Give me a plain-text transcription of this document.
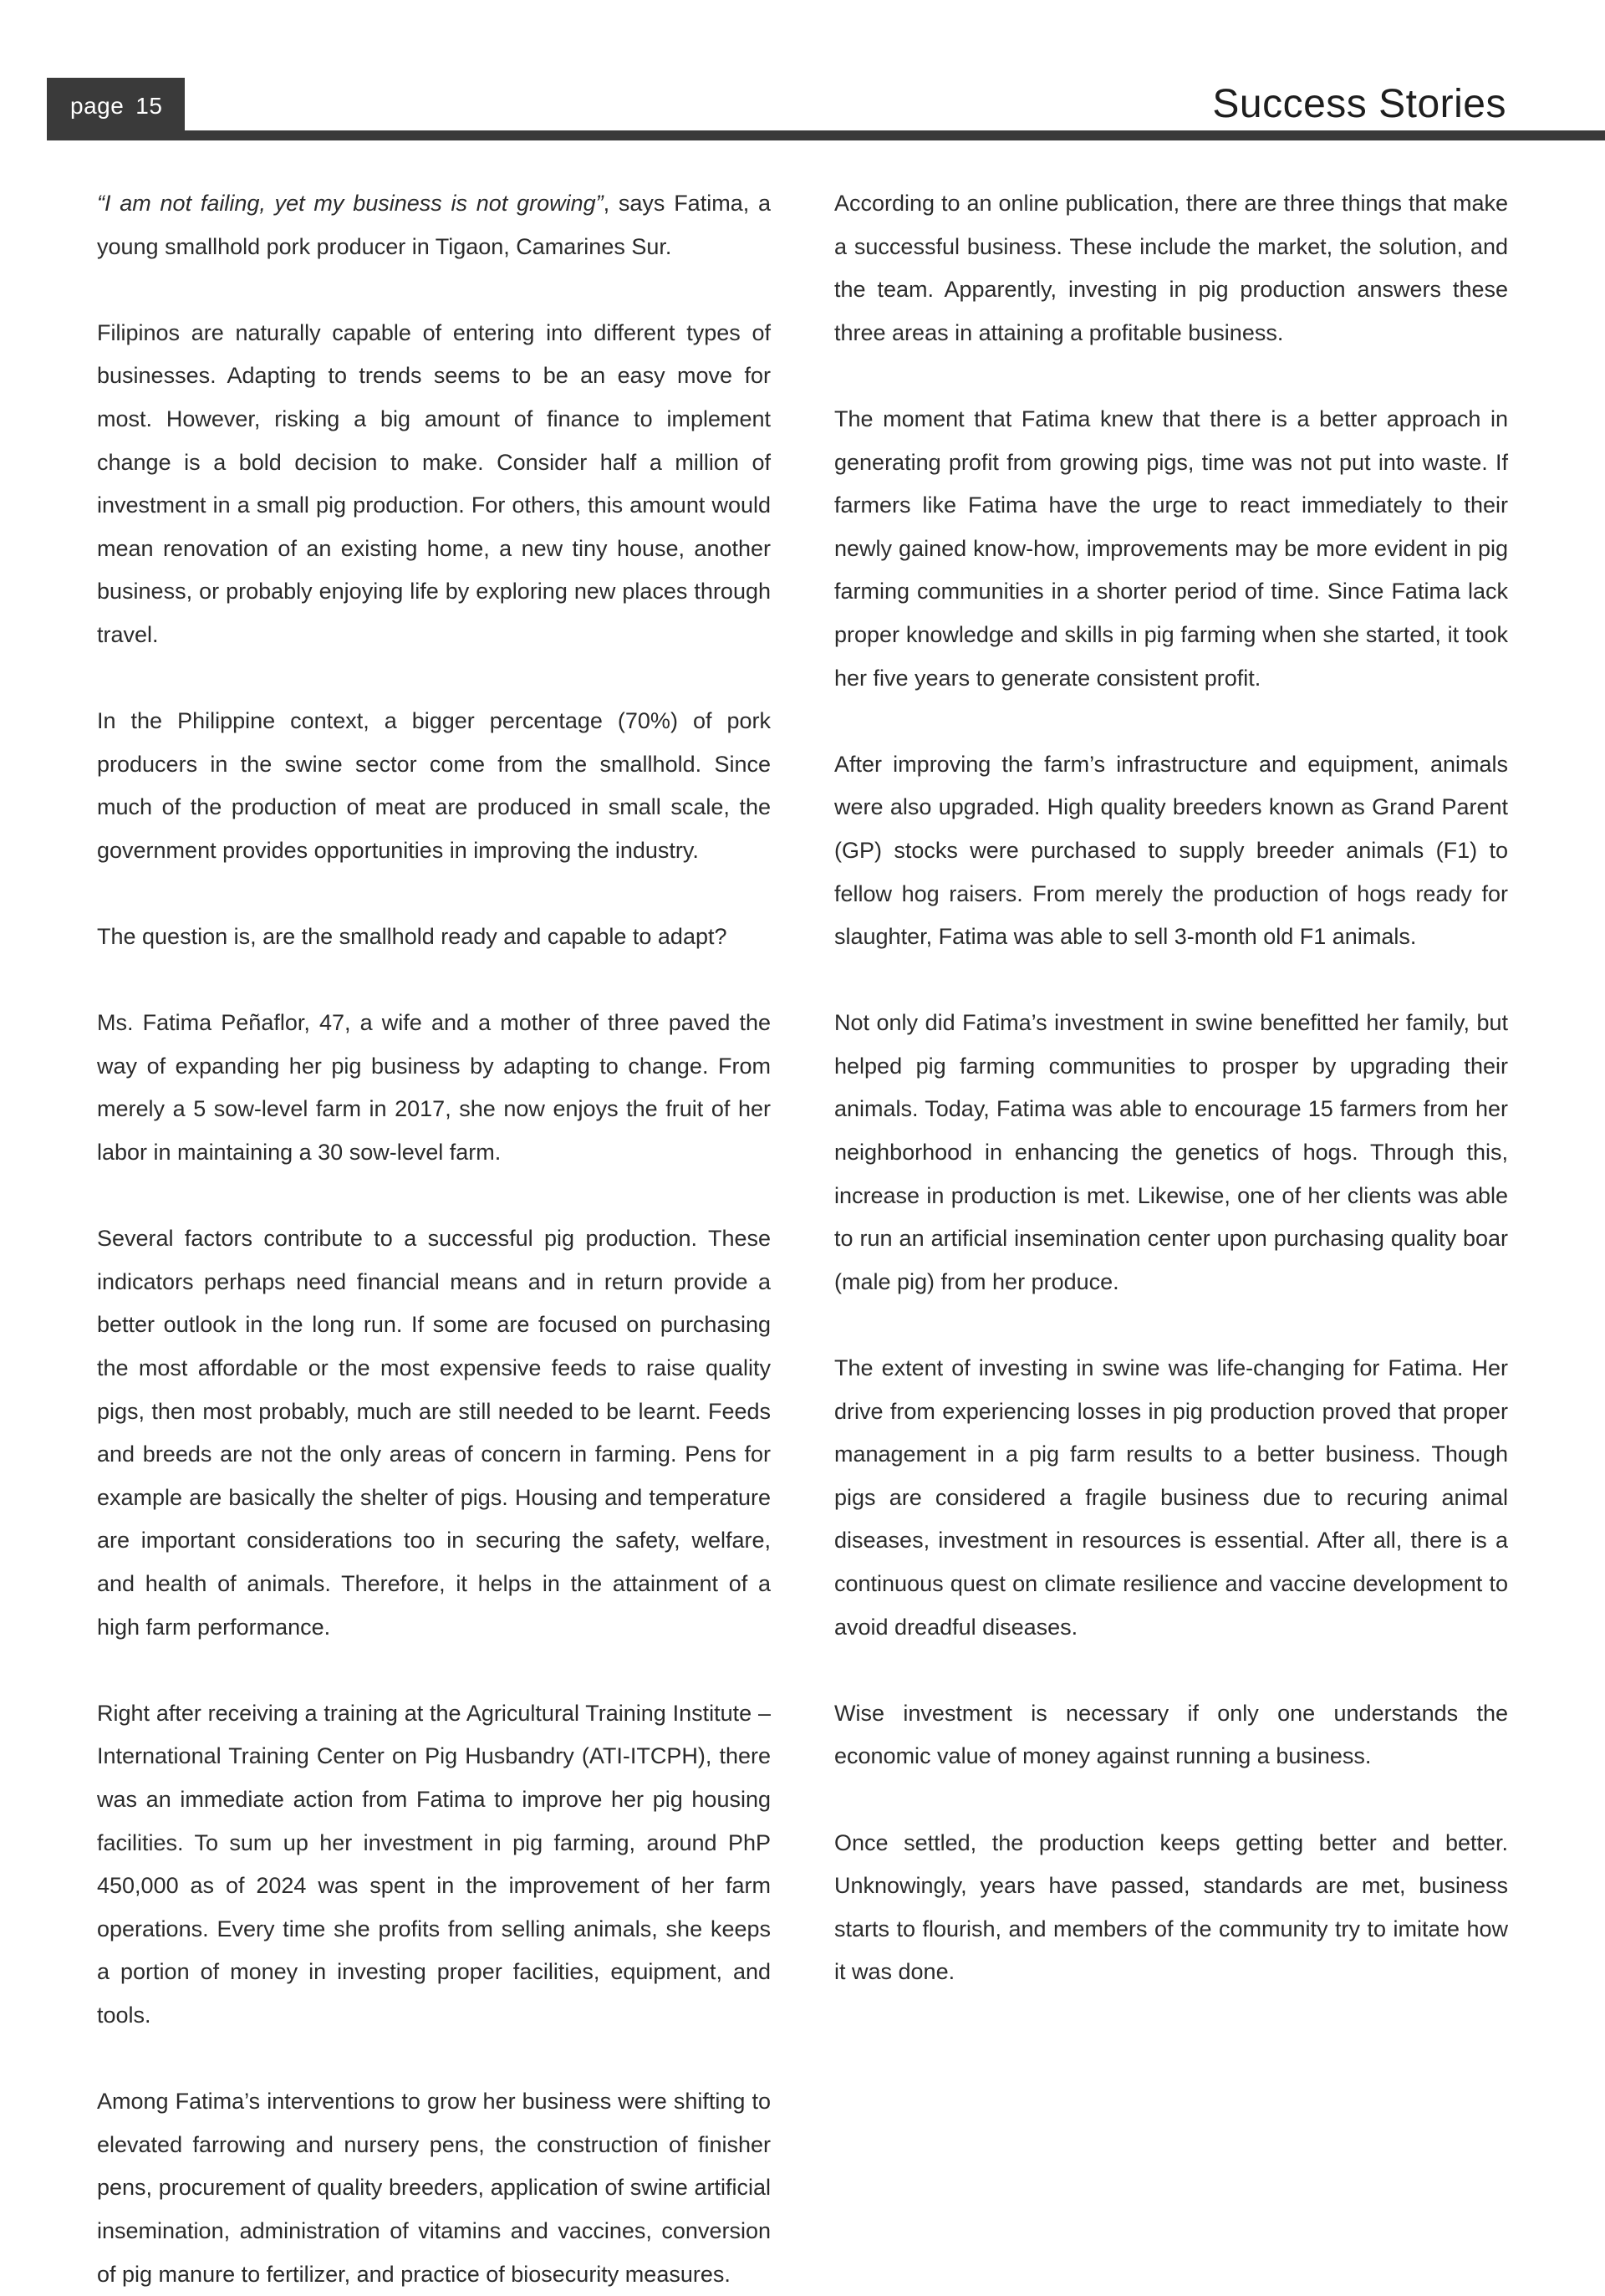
page 15	Success Stories

“I am not failing, yet my business is not growing”, says Fatima, a young smallhold pork producer in Tigaon, Camarines Sur.

Filipinos are naturally capable of entering into different types of businesses. Adapting to trends seems to be an easy move for most. However, risking a big amount of finance to implement change is a bold decision to make. Consider half a million of investment in a small pig production. For others, this amount would mean renovation of an existing home, a new tiny house, another business, or probably enjoying life by exploring new places through travel.

In the Philippine context, a bigger percentage (70%) of pork producers in the swine sector come from the smallhold. Since much of the production of meat are produced in small scale, the government provides opportunities in improving the industry.

The question is, are the smallhold ready and capable to adapt?

Ms. Fatima Peñaflor, 47, a wife and a mother of three paved the way of expanding her pig business by adapting to change. From merely a 5 sow-level farm in 2017, she now enjoys the fruit of her labor in maintaining a 30 sow-level farm.

Several factors contribute to a successful pig production. These indicators perhaps need financial means and in return provide a better outlook in the long run. If some are focused on purchasing the most affordable or the most expensive feeds to raise quality pigs, then most probably, much are still needed to be learnt. Feeds and breeds are not the only areas of concern in farming. Pens for example are basically the shelter of pigs. Housing and temperature are important considerations too in securing the safety, welfare, and health of animals. Therefore, it helps in the attainment of a high farm performance.

Right after receiving a training at the Agricultural Training Institute – International Training Center on Pig Husbandry (ATI-ITCPH), there was an immediate action from Fatima to improve her pig housing facilities. To sum up her investment in pig farming, around PhP 450,000 as of 2024 was spent in the improvement of her farm operations. Every time she profits from selling animals, she keeps a portion of money in investing proper facilities, equipment, and tools.

Among Fatima’s interventions to grow her business were shifting to elevated farrowing and nursery pens, the construction of finisher pens, procurement of quality breeders, application of swine artificial insemination, administration of vitamins and vaccines, conversion of pig manure to fertilizer, and practice of biosecurity measures.

According to an online publication, there are three things that make a successful business. These include the market, the solution, and the team. Apparently, investing in pig production answers these three areas in attaining a profitable business.

The moment that Fatima knew that there is a better approach in generating profit from growing pigs, time was not put into waste. If farmers like Fatima have the urge to react immediately to their newly gained know-how, improvements may be more evident in pig farming communities in a shorter period of time. Since Fatima lack proper knowledge and skills in pig farming when she started, it took her five years to generate consistent profit.

After improving the farm’s infrastructure and equipment, animals were also upgraded. High quality breeders known as Grand Parent (GP) stocks were purchased to supply breeder animals (F1) to fellow hog raisers. From merely the production of hogs ready for slaughter, Fatima was able to sell 3-month old F1 animals.

Not only did Fatima’s investment in swine benefitted her family, but helped pig farming communities to prosper by upgrading their animals. Today, Fatima was able to encourage 15 farmers from her neighborhood in enhancing the genetics of hogs. Through this, increase in production is met. Likewise, one of her clients was able to run an artificial insemination center upon purchasing quality boar (male pig) from her produce.

The extent of investing in swine was life-changing for Fatima. Her drive from experiencing losses in pig production proved that proper management in a pig farm results to a better business. Though pigs are considered a fragile business due to recuring animal diseases, investment in resources is essential. After all, there is a continuous quest on climate resilience and vaccine development to avoid dreadful diseases.

Wise investment is necessary if only one understands the economic value of money against running a business.

Once settled, the production keeps getting better and better. Unknowingly, years have passed, standards are met, business starts to flourish, and members of the community try to imitate how it was done.
